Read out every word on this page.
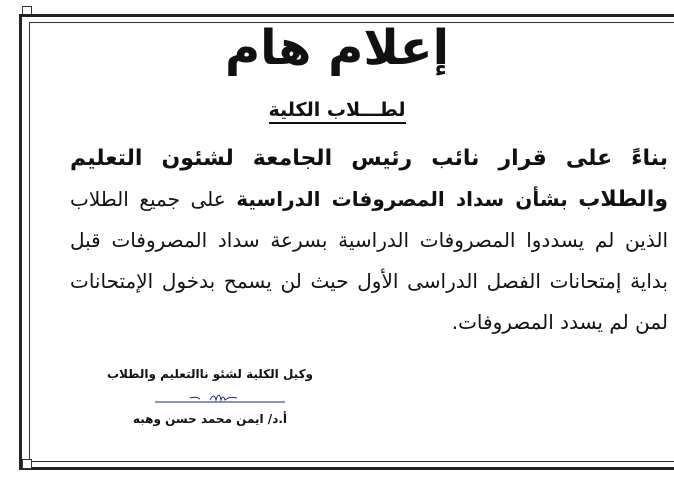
إعلام هام
لطـــلاب الكلية
بناءً على قرار نائب رئيس الجامعة لشئون التعليم والطلاب بشأن سداد المصروفات الدراسية على جميع الطلاب الذين لم يسددوا المصروفات الدراسية بسرعة سداد المصروفات قبل بداية إمتحانات الفصل الدراسى الأول حيث لن يسمح بدخول الإمتحانات لمن لم يسدد المصروفات.
وكيل الكلية لشئو ناالتعليم والطلاب
أ.د/ ايمن محمد حسن وهبه
